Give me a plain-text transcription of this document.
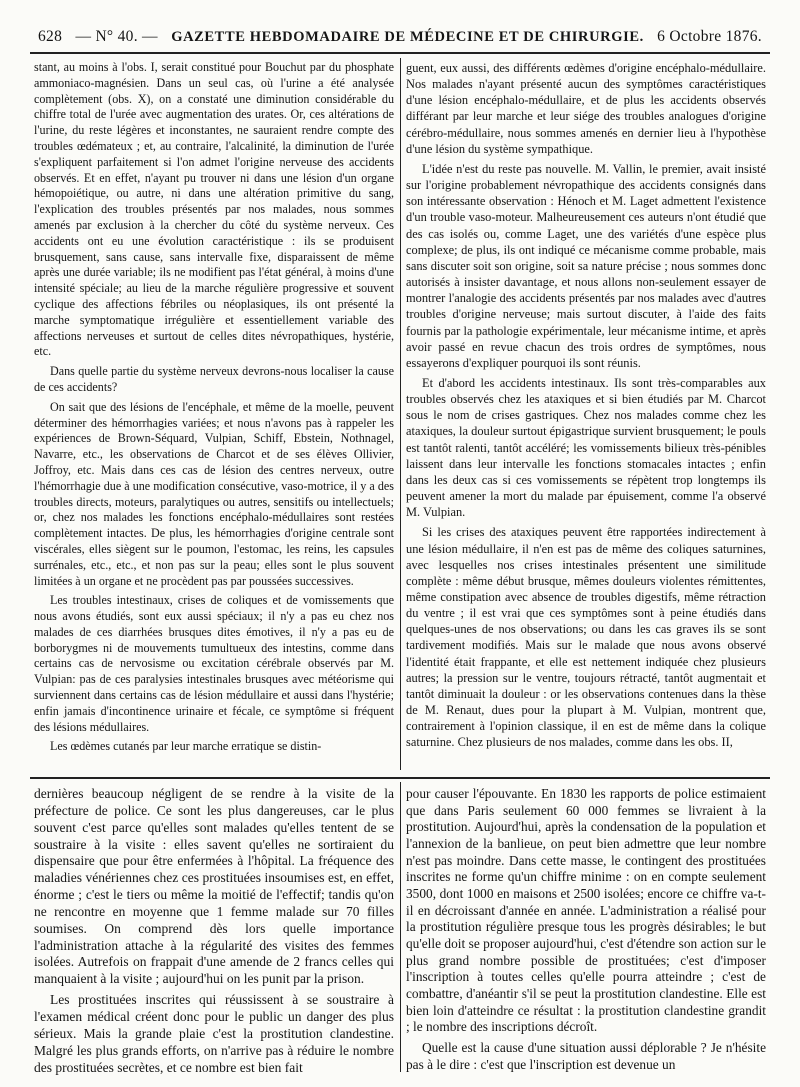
628 — N° 40. — GAZETTE HEBDOMADAIRE DE MÉDECINE ET DE CHIRURGIE. 6 Octobre 1876.

stant, au moins à l'obs. I, serait constitué pour Bouchut par du phosphate ammoniaco-magnésien. Dans un seul cas, où l'urine a été analysée complètement (obs. X), on a constaté une diminution considérable du chiffre total de l'urée avec augmentation des urates. Or, ces altérations de l'urine, du reste légères et inconstantes, ne sauraient rendre compte des troubles œdémateux ; et, au contraire, l'alcalinité, la diminution de l'urée s'expliquent parfaitement si l'on admet l'origine nerveuse des accidents observés. Et en effet, n'ayant pu trouver ni dans une lésion d'un organe hémopoiétique, ou autre, ni dans une altération primitive du sang, l'explication des troubles présentés par nos malades, nous sommes amenés par exclusion à la chercher du côté du système nerveux. Ces accidents ont eu une évolution caractéristique : ils se produisent brusquement, sans cause, sans intervalle fixe, disparaissent de même après une durée variable; ils ne modifient pas l'état général, à moins d'une intensité spéciale; au lieu de la marche régulière progressive et souvent cyclique des affections fébriles ou néoplasiques, ils ont présenté la marche symptomatique irrégulière et essentiellement variable des affections nerveuses et surtout de celles dites névropathiques, hystérie, etc.

Dans quelle partie du système nerveux devrons-nous localiser la cause de ces accidents?

On sait que des lésions de l'encéphale, et même de la moelle, peuvent déterminer des hémorrhagies variées; et nous n'avons pas à rappeler les expériences de Brown-Séquard, Vulpian, Schiff, Ebstein, Nothnagel, Navarre, etc., les observations de Charcot et de ses élèves Ollivier, Joffroy, etc. Mais dans ces cas de lésion des centres nerveux, outre l'hémorrhagie due à une modification consécutive, vaso-motrice, il y a des troubles directs, moteurs, paralytiques ou autres, sensitifs ou intellectuels; or, chez nos malades les fonctions encéphalo-médullaires sont restées complètement intactes. De plus, les hémorrhagies d'origine centrale sont viscérales, elles siègent sur le poumon, l'estomac, les reins, les capsules surrénales, etc., etc., et non pas sur la peau; elles sont le plus souvent limitées à un organe et ne procèdent pas par poussées successives.

Les troubles intestinaux, crises de coliques et de vomissements que nous avons étudiés, sont eux aussi spéciaux; il n'y a pas eu chez nos malades de ces diarrhées brusques dites émotives, il n'y a pas eu de borborygmes ni de mouvements tumultueux des intestins, comme dans certains cas de nervosisme ou excitation cérébrale observés par M. Vulpian: pas de ces paralysies intestinales brusques avec météorisme qui surviennent dans certains cas de lésion médullaire et aussi dans l'hystérie; enfin jamais d'incontinence urinaire et fécale, ce symptôme si fréquent des lésions médullaires.

Les œdèmes cutanés par leur marche erratique se distin-

guent, eux aussi, des différents œdèmes d'origine encéphalo-médullaire. Nos malades n'ayant présenté aucun des symptômes caractéristiques d'une lésion encéphalo-médullaire, et de plus les accidents observés différant par leur marche et leur siége des troubles analogues d'origine cérébro-médullaire, nous sommes amenés en dernier lieu à l'hypothèse d'une lésion du système sympathique.

L'idée n'est du reste pas nouvelle. M. Vallin, le premier, avait insisté sur l'origine probablement névropathique des accidents consignés dans son intéressante observation : Hénoch et M. Laget admettent l'existence d'un trouble vaso-moteur. Malheureusement ces auteurs n'ont étudié que des cas isolés ou, comme Laget, une des variétés d'une espèce plus complexe; de plus, ils ont indiqué ce mécanisme comme probable, mais sans discuter soit son origine, soit sa nature précise ; nous sommes donc autorisés à insister davantage, et nous allons non-seulement essayer de montrer l'analogie des accidents présentés par nos malades avec d'autres troubles d'origine nerveuse; mais surtout discuter, à l'aide des faits fournis par la pathologie expérimentale, leur mécanisme intime, et après avoir passé en revue chacun des trois ordres de symptômes, nous essayerons d'expliquer pourquoi ils sont réunis.

Et d'abord les accidents intestinaux. Ils sont très-comparables aux troubles observés chez les ataxiques et si bien étudiés par M. Charcot sous le nom de crises gastriques. Chez nos malades comme chez les ataxiques, la douleur surtout épigastrique survient brusquement; le pouls est tantôt ralenti, tantôt accéléré; les vomissements bilieux très-pénibles laissent dans leur intervalle les fonctions stomacales intactes ; enfin dans les deux cas si ces vomissements se répètent trop longtemps ils peuvent amener la mort du malade par épuisement, comme l'a observé M. Vulpian.

Si les crises des ataxiques peuvent être rapportées indirectement à une lésion médullaire, il n'en est pas de même des coliques saturnines, avec lesquelles nos crises intestinales présentent une similitude complète : même début brusque, mêmes douleurs violentes rémittentes, même constipation avec absence de troubles digestifs, même rétraction du ventre ; il est vrai que ces symptômes sont à peine étudiés dans quelques-unes de nos observations; ou dans les cas graves ils se sont tardivement modifiés. Mais sur le malade que nous avons observé l'identité était frappante, et elle est nettement indiquée chez plusieurs autres; la pression sur le ventre, toujours rétracté, tantôt augmentait et tantôt diminuait la douleur : or les observations contenues dans la thèse de M. Renaut, dues pour la plupart à M. Vulpian, montrent que, contrairement à l'opinion classique, il en est de même dans la colique saturnine. Chez plusieurs de nos malades, comme dans les obs. II,

dernières beaucoup négligent de se rendre à la visite de la préfecture de police. Ce sont les plus dangereuses, car le plus souvent c'est parce qu'elles sont malades qu'elles tentent de se soustraire à la visite : elles savent qu'elles ne sortiraient du dispensaire que pour être enfermées à l'hôpital. La fréquence des maladies vénériennes chez ces prostituées insoumises est, en effet, énorme ; c'est le tiers ou même la moitié de l'effectif; tandis qu'on ne rencontre en moyenne que 1 femme malade sur 70 filles soumises. On comprend dès lors quelle importance l'administration attache à la régularité des visites des femmes isolées. Autrefois on frappait d'une amende de 2 francs celles qui manquaient à la visite ; aujourd'hui on les punit par la prison.

Les prostituées inscrites qui réussissent à se soustraire à l'examen médical créent donc pour le public un danger des plus sérieux. Mais la grande plaie c'est la prostitution clandestine. Malgré les plus grands efforts, on n'arrive pas à réduire le nombre des prostituées secrètes, et ce nombre est bien fait

pour causer l'épouvante. En 1830 les rapports de police estimaient que dans Paris seulement 60 000 femmes se livraient à la prostitution. Aujourd'hui, après la condensation de la population et l'annexion de la banlieue, on peut bien admettre que leur nombre n'est pas moindre. Dans cette masse, le contingent des prostituées inscrites ne forme qu'un chiffre minime : on en compte seulement 3500, dont 1000 en maisons et 2500 isolées; encore ce chiffre va-t-il en décroissant d'année en année. L'administration a réalisé pour la prostitution régulière presque tous les progrès désirables; le but qu'elle doit se proposer aujourd'hui, c'est d'étendre son action sur le plus grand nombre possible de prostituées; c'est d'imposer l'inscription à toutes celles qu'elle pourra atteindre ; c'est de combattre, d'anéantir s'il se peut la prostitution clandestine. Elle est bien loin d'atteindre ce résultat : la prostitution clandestine grandit ; le nombre des inscriptions décroît.

Quelle est la cause d'une situation aussi déplorable ? Je n'hésite pas à le dire : c'est que l'inscription est devenue un
